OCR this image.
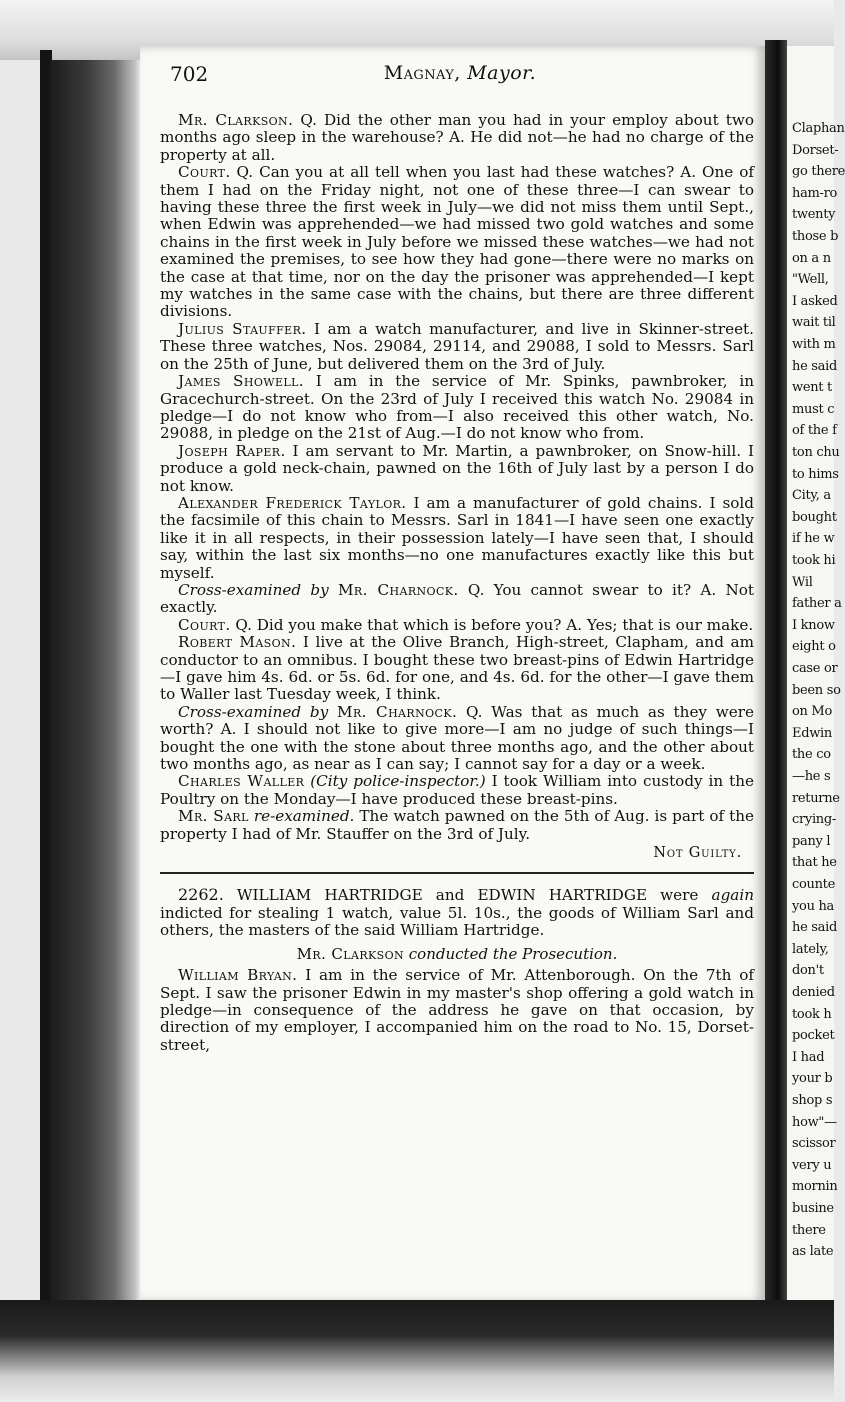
Claphan
Dorset-
go there
ham-ro
twenty
those b
on a n
"Well,
I asked
wait til
with m
he said
went t
must c
of the f
ton chu
to hims
City, a
bought
if he w
took hi
Wil
father a
I know
eight o
case or
been so
on Mo
Edwin
the co
—he s
returne
crying-
pany l
that he
counte
you ha
he said
lately,
don't
denied
took h
pocket
I had
your b
shop s
how"—
scissor
very u
mornin
busine
there
as late
702	Magnay, Mayor.

Mr. Clarkson. Q. Did the other man you had in your employ about two months ago sleep in the warehouse? A. He did not—he had no charge of the property at all.

Court. Q. Can you at all tell when you last had these watches? A. One of them I had on the Friday night, not one of these three—I can swear to having these three the first week in July—we did not miss them until Sept., when Edwin was apprehended—we had missed two gold watches and some chains in the first week in July before we missed these watches—we had not examined the premises, to see how they had gone—there were no marks on the case at that time, nor on the day the prisoner was apprehended—I kept my watches in the same case with the chains, but there are three different divisions.

Julius Stauffer. I am a watch manufacturer, and live in Skinner-street. These three watches, Nos. 29084, 29114, and 29088, I sold to Messrs. Sarl on the 25th of June, but delivered them on the 3rd of July.

James Showell. I am in the service of Mr. Spinks, pawnbroker, in Gracechurch-street. On the 23rd of July I received this watch No. 29084 in pledge—I do not know who from—I also received this other watch, No. 29088, in pledge on the 21st of Aug.—I do not know who from.

Joseph Raper. I am servant to Mr. Martin, a pawnbroker, on Snow-hill. I produce a gold neck-chain, pawned on the 16th of July last by a person I do not know.

Alexander Frederick Taylor. I am a manufacturer of gold chains. I sold the facsimile of this chain to Messrs. Sarl in 1841—I have seen one exactly like it in all respects, in their possession lately—I have seen that, I should say, within the last six months—no one manufactures exactly like this but myself.

Cross-examined by Mr. Charnock. Q. You cannot swear to it? A. Not exactly.

Court. Q. Did you make that which is before you? A. Yes; that is our make.

Robert Mason. I live at the Olive Branch, High-street, Clapham, and am conductor to an omnibus. I bought these two breast-pins of Edwin Hartridge—I gave him 4s. 6d. or 5s. 6d. for one, and 4s. 6d. for the other—I gave them to Waller last Tuesday week, I think.

Cross-examined by Mr. Charnock. Q. Was that as much as they were worth? A. I should not like to give more—I am no judge of such things—I bought the one with the stone about three months ago, and the other about two months ago, as near as I can say; I cannot say for a day or a week.

Charles Waller (City police-inspector.) I took William into custody in the Poultry on the Monday—I have produced these breast-pins.

Mr. Sarl re-examined. The watch pawned on the 5th of Aug. is part of the property I had of Mr. Stauffer on the 3rd of July.

Not Guilty.

2262. WILLIAM HARTRIDGE and EDWIN HARTRIDGE were again indicted for stealing 1 watch, value 5l. 10s., the goods of William Sarl and others, the masters of the said William Hartridge.

Mr. Clarkson conducted the Prosecution.

William Bryan. I am in the service of Mr. Attenborough. On the 7th of Sept. I saw the prisoner Edwin in my master's shop offering a gold watch in pledge—in consequence of the address he gave on that occasion, by direction of my employer, I accompanied him on the road to No. 15, Dorset-street,
